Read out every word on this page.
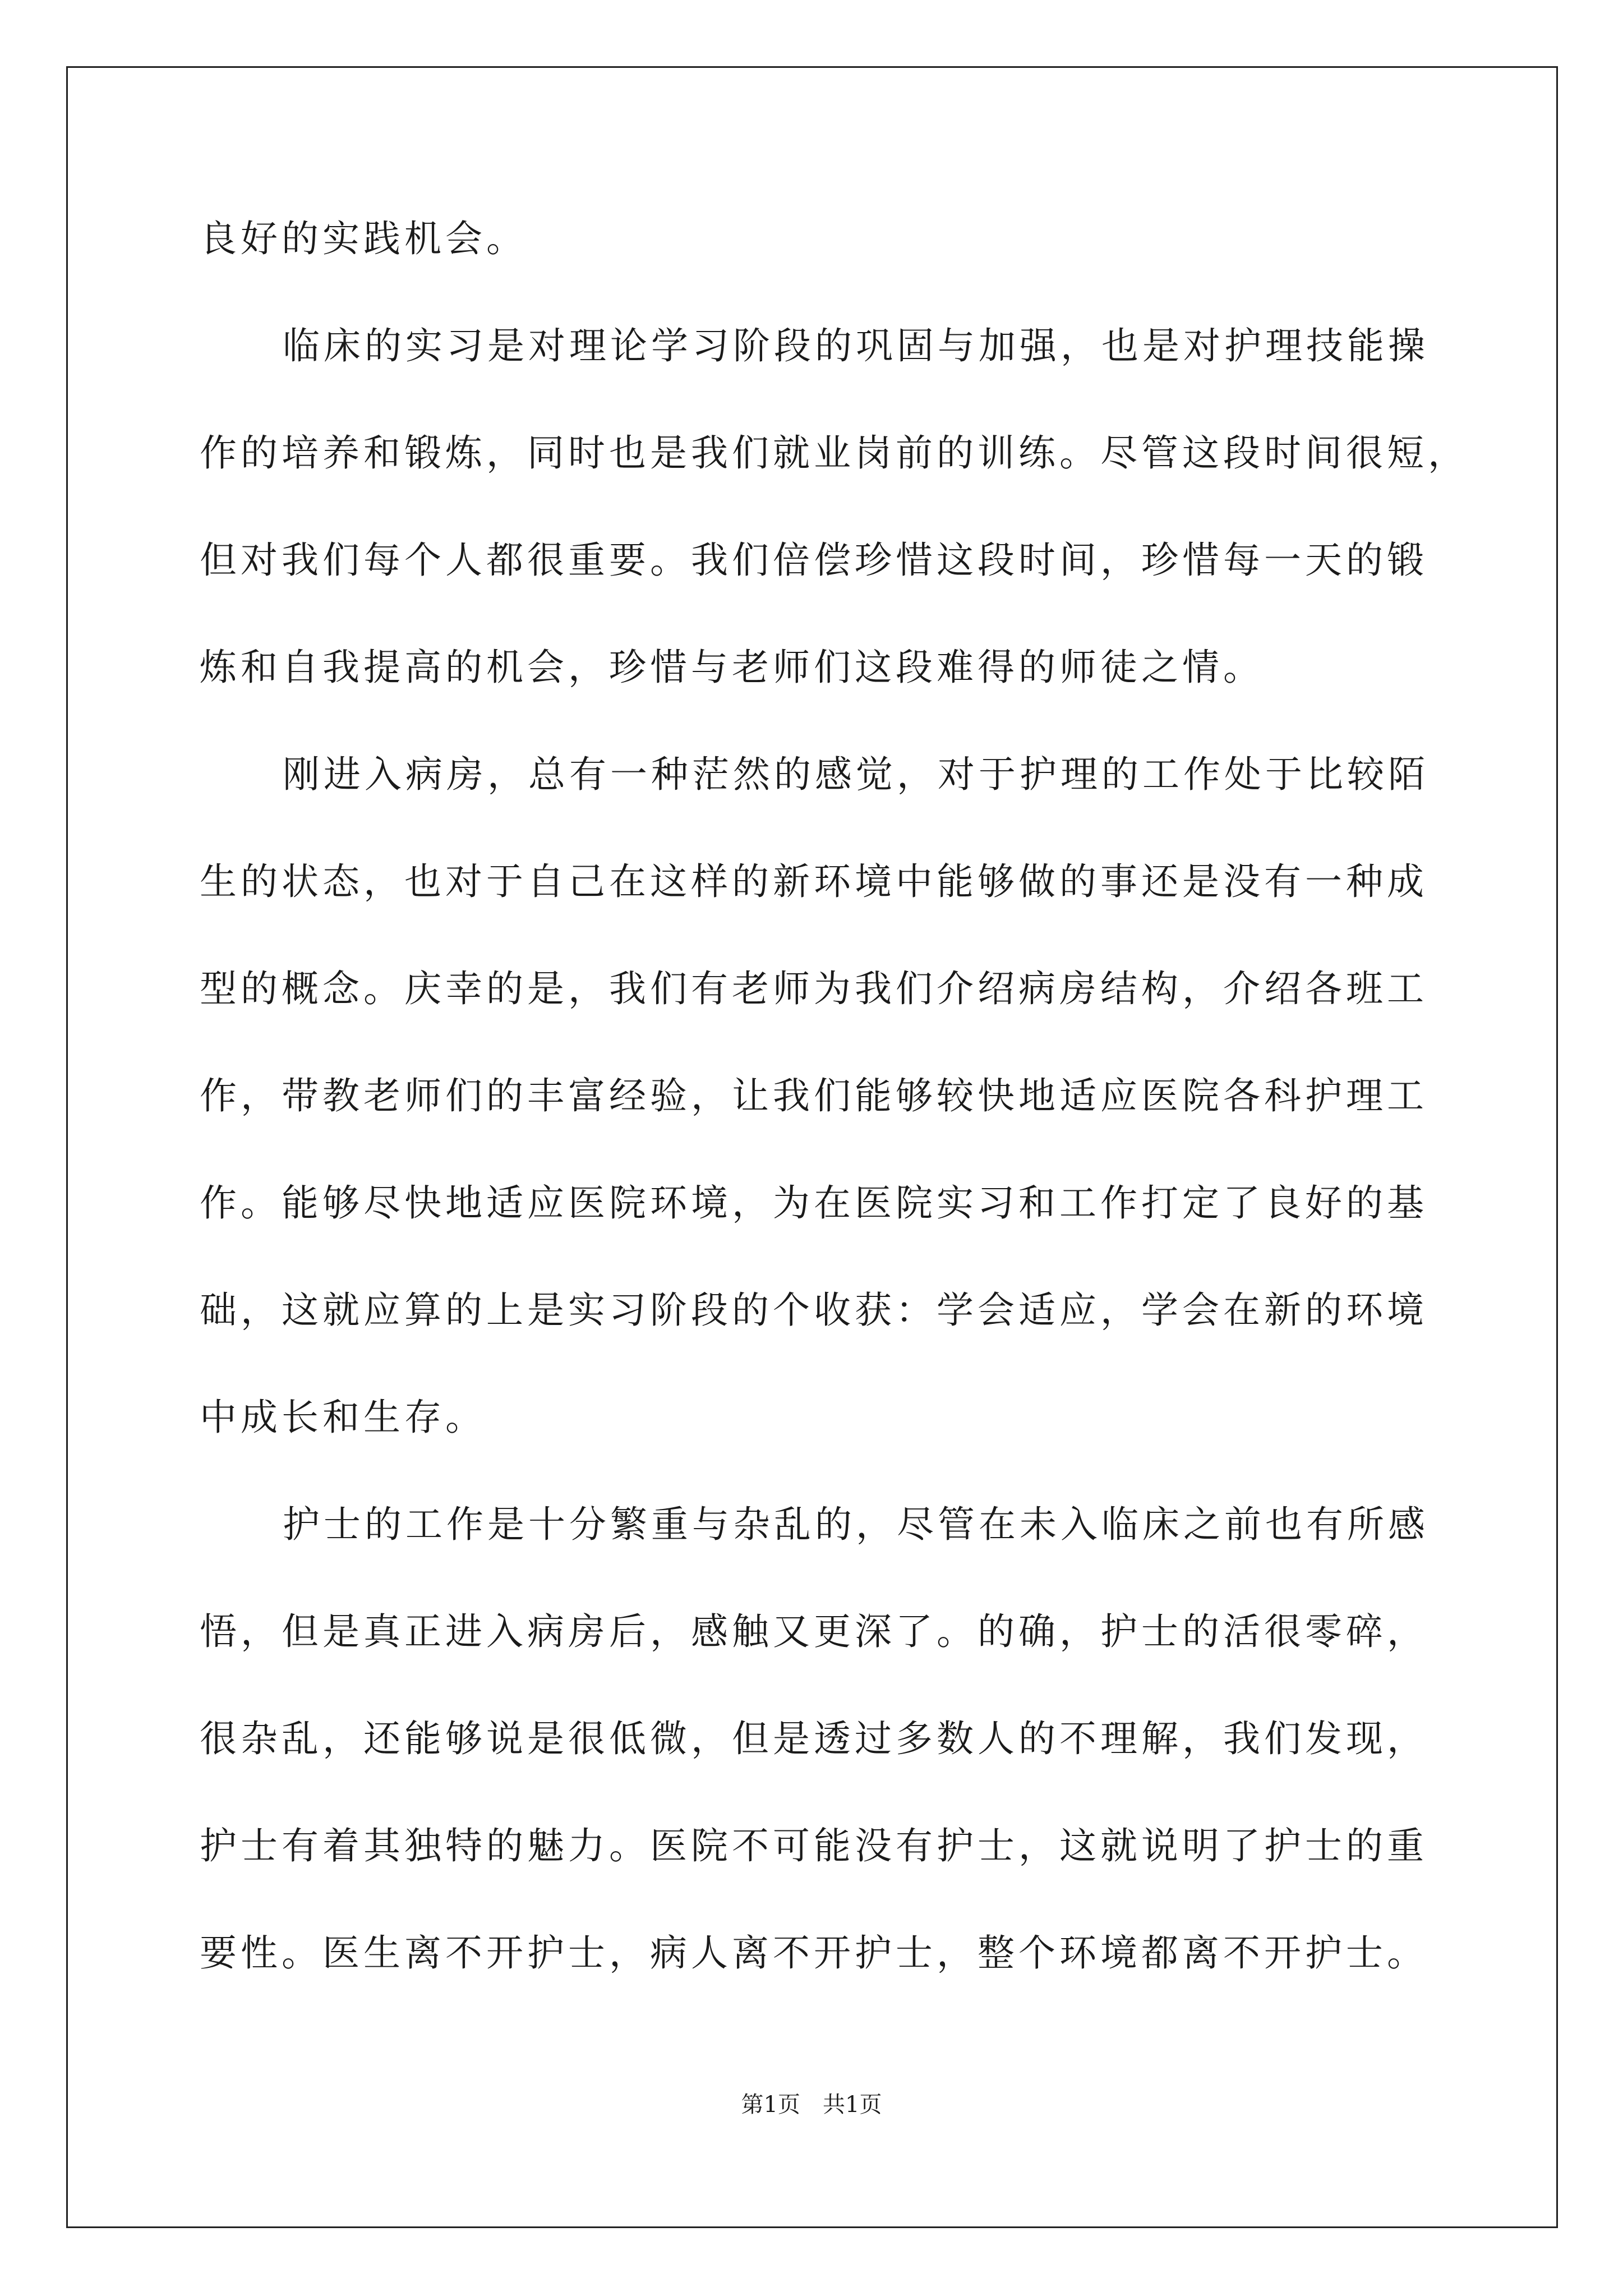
良好的实践机会。
临床的实习是对理论学习阶段的巩固与加强，也是对护理技能操
作的培养和锻炼，同时也是我们就业岗前的训练。尽管这段时间很短，
但对我们每个人都很重要。我们倍偿珍惜这段时间，珍惜每一天的锻
炼和自我提高的机会，珍惜与老师们这段难得的师徒之情。
刚进入病房，总有一种茫然的感觉，对于护理的工作处于比较陌
生的状态，也对于自己在这样的新环境中能够做的事还是没有一种成
型的概念。庆幸的是，我们有老师为我们介绍病房结构，介绍各班工
作，带教老师们的丰富经验，让我们能够较快地适应医院各科护理工
作。能够尽快地适应医院环境，为在医院实习和工作打定了良好的基
础，这就应算的上是实习阶段的个收获：学会适应，学会在新的环境
中成长和生存。
护士的工作是十分繁重与杂乱的，尽管在未入临床之前也有所感
悟，但是真正进入病房后，感触又更深了。的确，护士的活很零碎，
很杂乱，还能够说是很低微，但是透过多数人的不理解，我们发现，
护士有着其独特的魅力。医院不可能没有护士，这就说明了护士的重
要性。医生离不开护士，病人离不开护士，整个环境都离不开护士。
第1页 共1页
